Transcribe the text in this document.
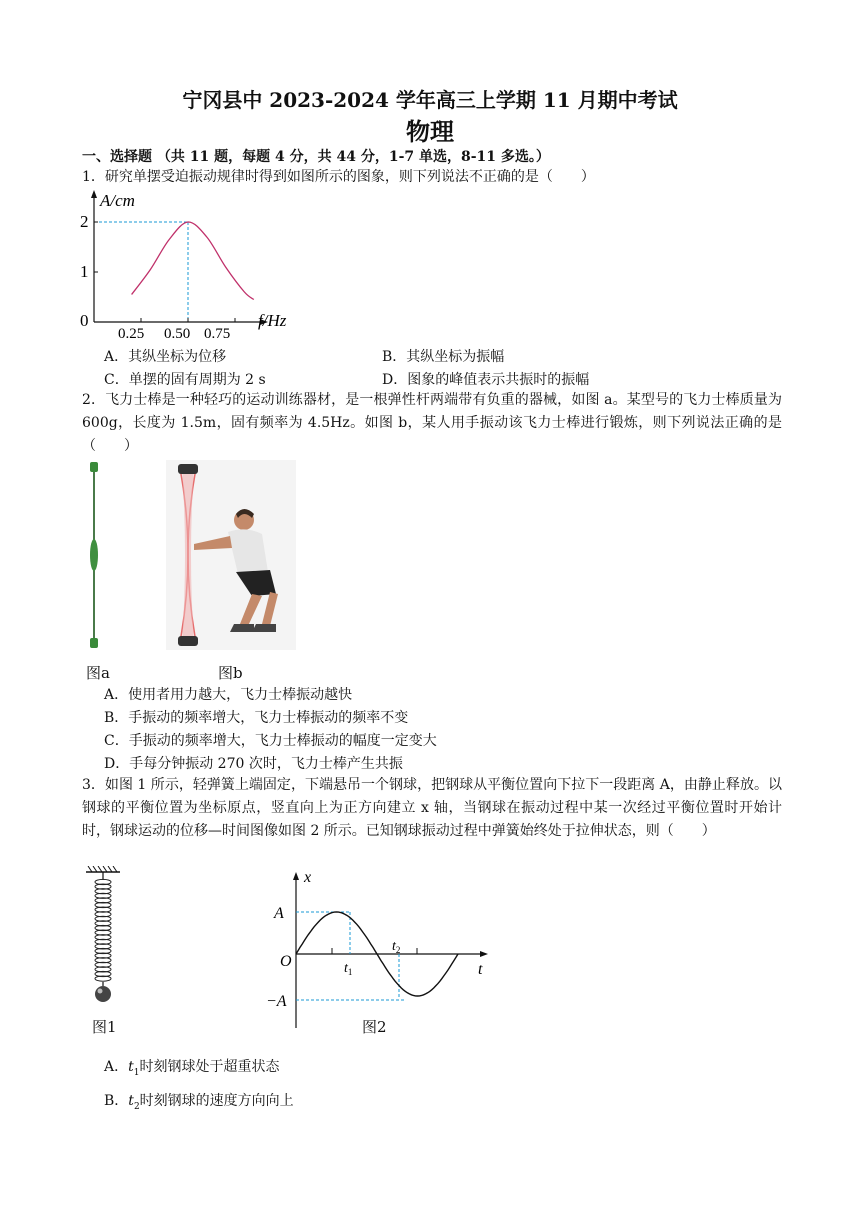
宁冈县中 2023-2024 学年高三上学期 11 月期中考试
物理
一、选择题 （共 11 题，每题 4 分，共 44 分，1-7 单选，8-11 多选。）
1．研究单摆受迫振动规律时得到如图所示的图象，则下列说法不正确的是（　　）
A/cm
f/Hz
2
1
0
0.25 0.50 0.75
A．其纵坐标为位移	B．其纵坐标为振幅
C．单摆的固有周期为 2 s	D．图象的峰值表示共振时的振幅
2．飞力士棒是一种轻巧的运动训练器材，是一根弹性杆两端带有负重的器械，如图 a。某型号的飞力士棒质量为 600g，长度为 1.5m，固有频率为 4.5Hz。如图 b，某人用手振动该飞力士棒进行锻炼，则下列说法正确的是（　　）
图a	图b
A．使用者用力越大，飞力士棒振动越快
B．手振动的频率增大，飞力士棒振动的频率不变
C．手振动的频率增大，飞力士棒振动的幅度一定变大
D．手每分钟振动 270 次时，飞力士棒产生共振
3．如图 1 所示，轻弹簧上端固定，下端悬吊一个钢球，把钢球从平衡位置向下拉下一段距离 A，由静止释放。以钢球的平衡位置为坐标原点，竖直向上为正方向建立 x 轴，当钢球在振动过程中某一次经过平衡位置时开始计时，钢球运动的位移—时间图像如图 2 所示。已知钢球振动过程中弹簧始终处于拉伸状态，则（　　）
图1
x
t
O
A
−A
$t_1$
$t_2$
图2
A．$t_1$时刻钢球处于超重状态
B．$t_2$时刻钢球的速度方向向上
